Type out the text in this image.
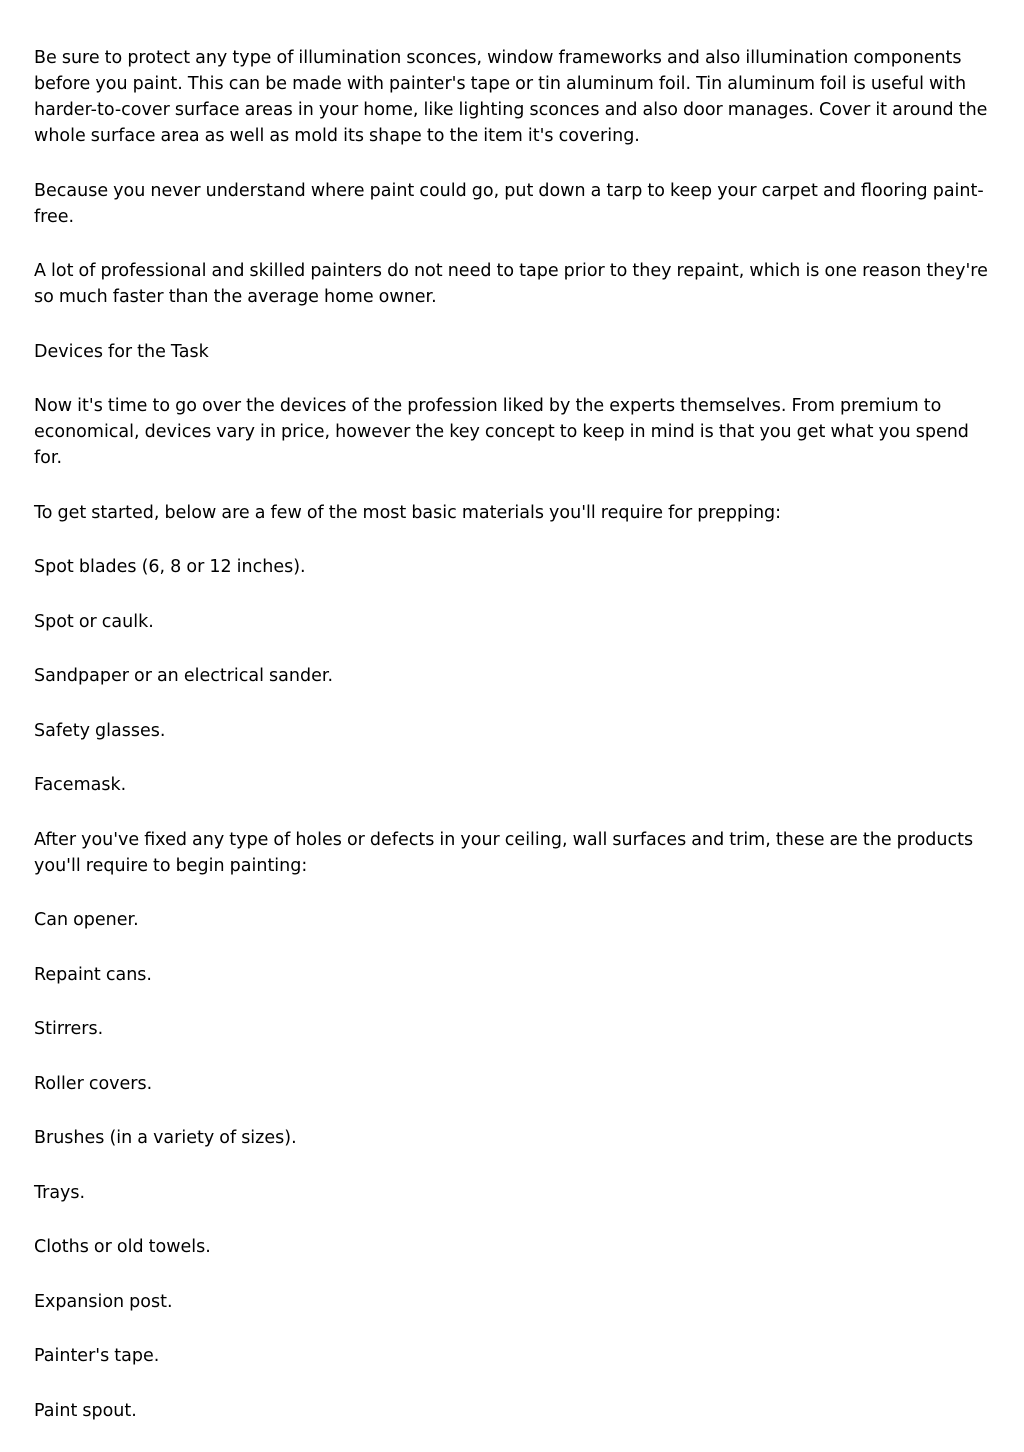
Be sure to protect any type of illumination sconces, window frameworks and also illumination components before you paint. This can be made with painter's tape or tin aluminum foil. Tin aluminum foil is useful with harder-to-cover surface areas in your home, like lighting sconces and also door manages. Cover it around the whole surface area as well as mold its shape to the item it's covering.

Because you never understand where paint could go, put down a tarp to keep your carpet and flooring paint-free.

A lot of professional and skilled painters do not need to tape prior to they repaint, which is one reason they're so much faster than the average home owner.

Devices for the Task

Now it's time to go over the devices of the profession liked by the experts themselves. From premium to economical, devices vary in price, however the key concept to keep in mind is that you get what you spend for.

To get started, below are a few of the most basic materials you'll require for prepping:

Spot blades (6, 8 or 12 inches).

Spot or caulk.

Sandpaper or an electrical sander.

Safety glasses.

Facemask.

After you've fixed any type of holes or defects in your ceiling, wall surfaces and trim, these are the products you'll require to begin painting:

Can opener.

Repaint cans.

Stirrers.

Roller covers.

Brushes (in a variety of sizes).

Trays.

Cloths or old towels.

Expansion post.

Painter's tape.

Paint spout.
